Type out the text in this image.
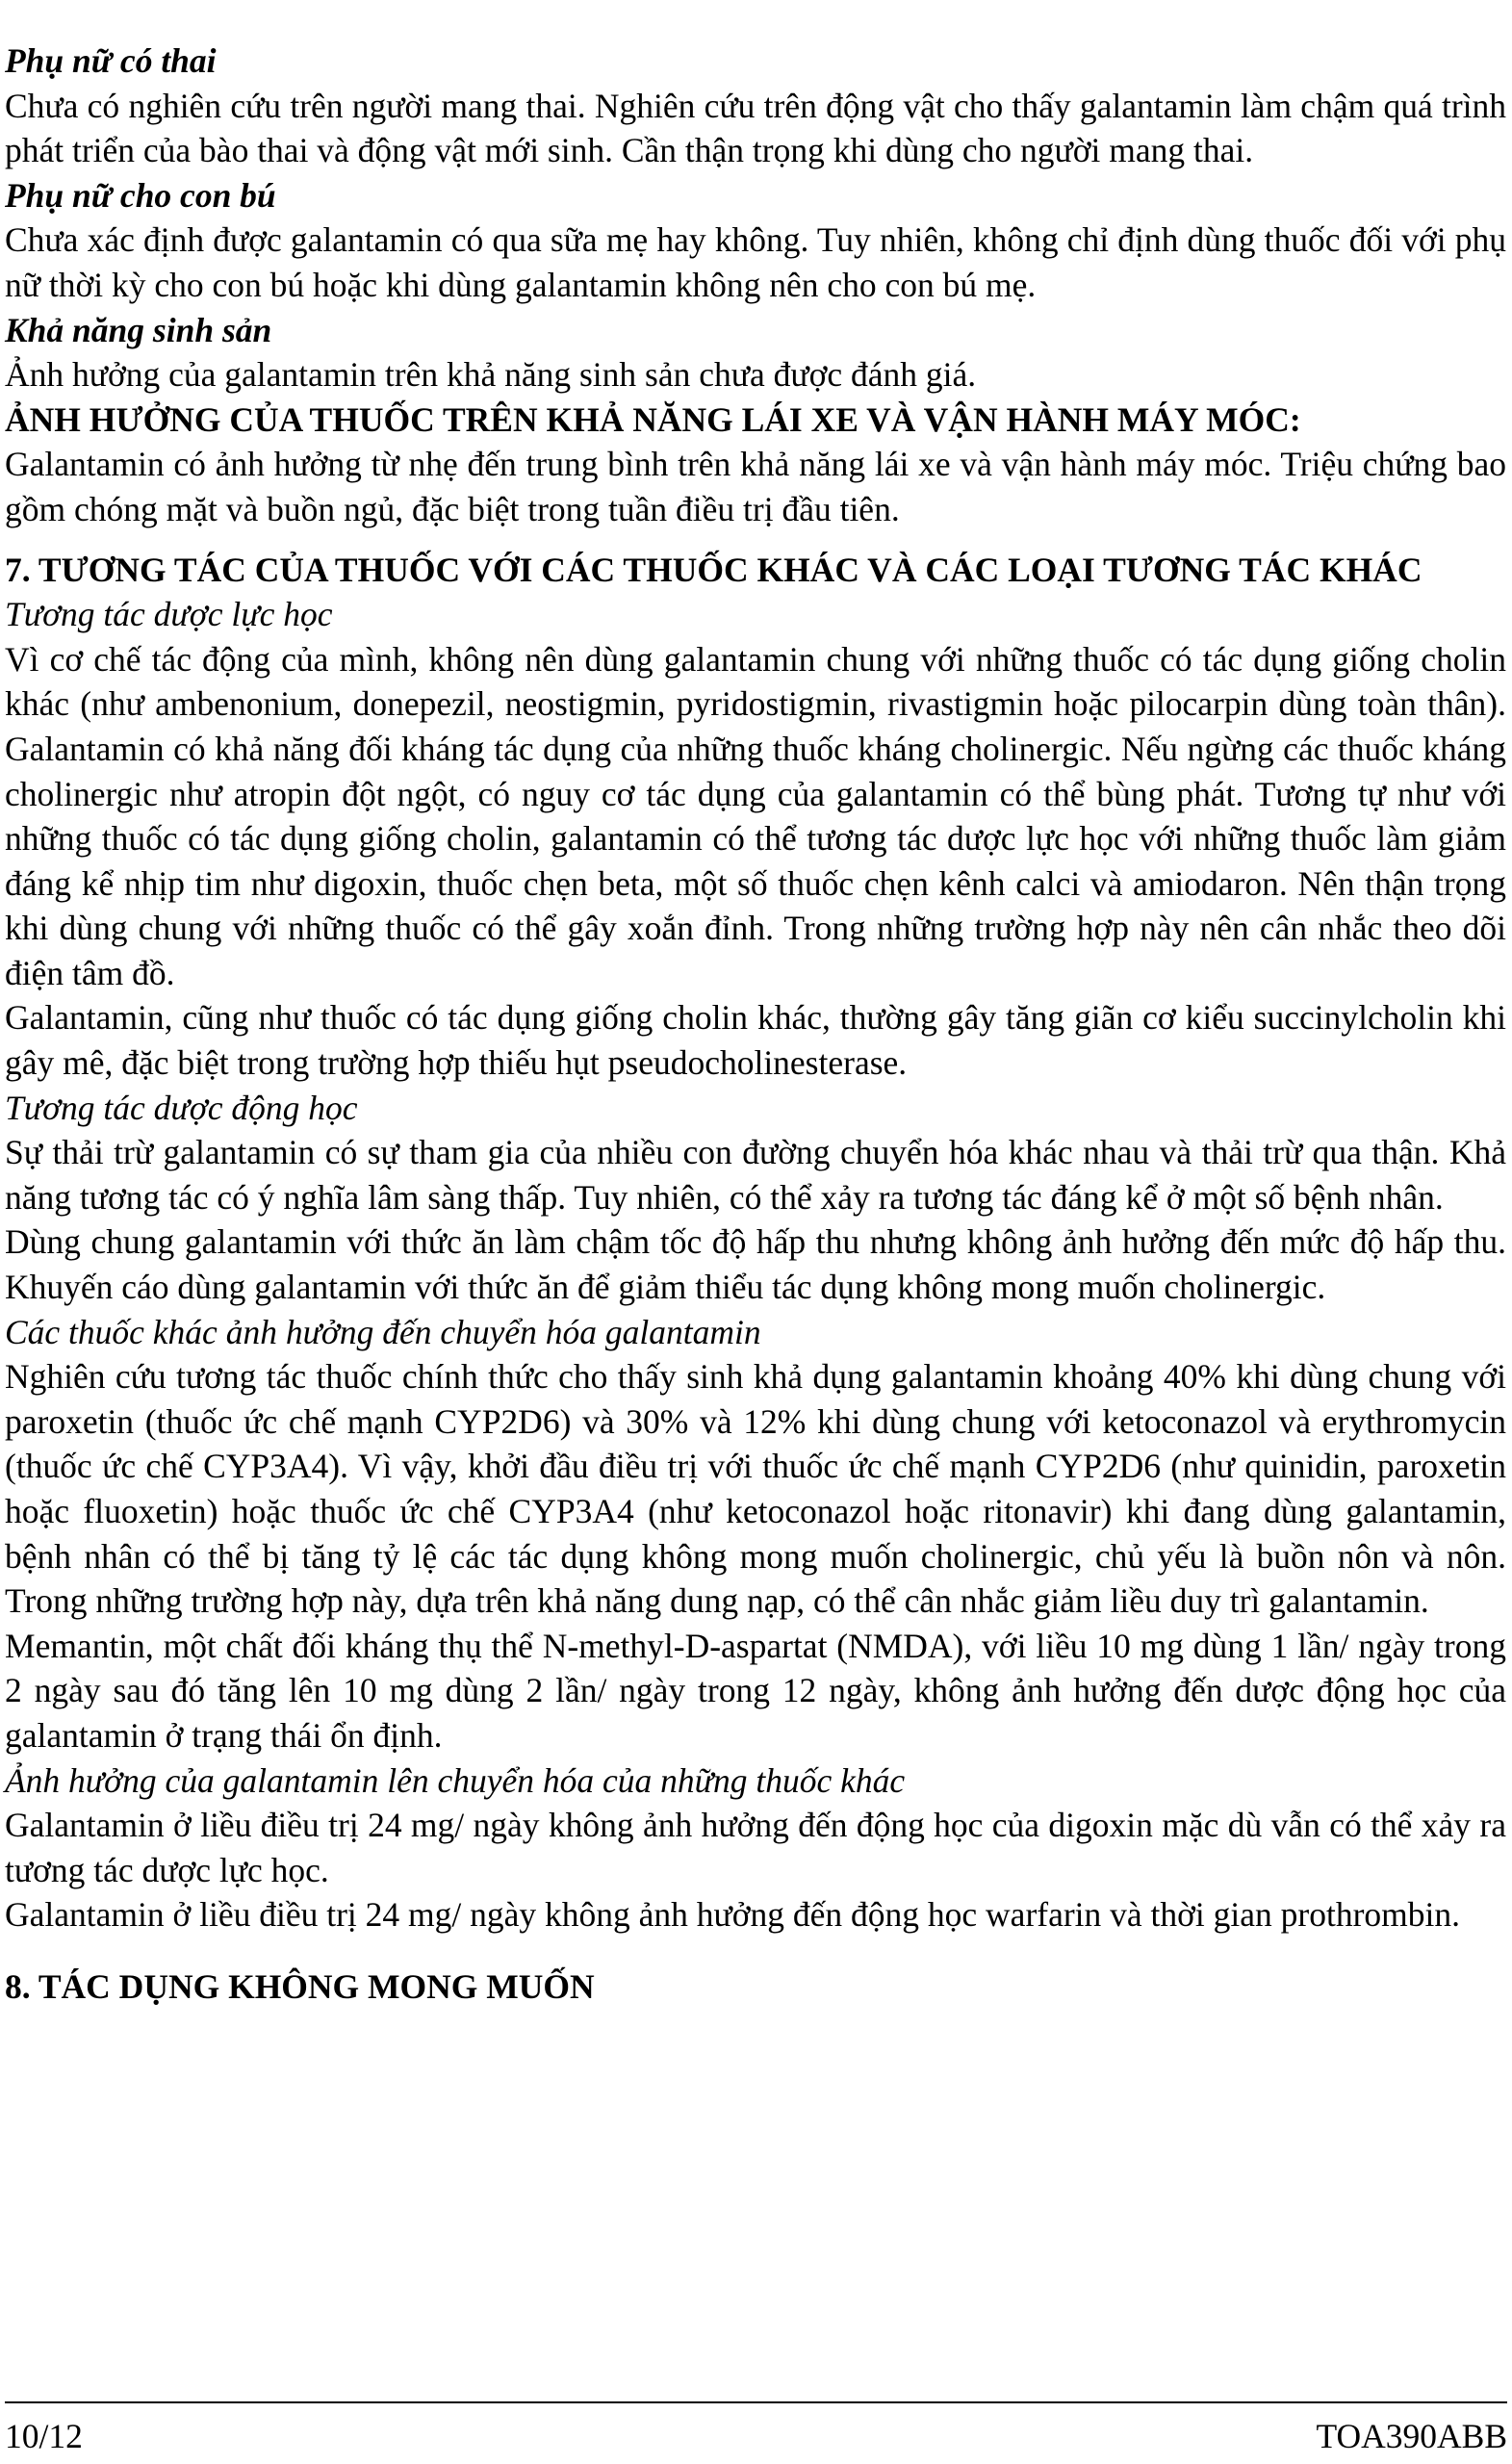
Phụ nữ có thai

Chưa có nghiên cứu trên người mang thai. Nghiên cứu trên động vật cho thấy galantamin làm chậm quá trình phát triển của bào thai và động vật mới sinh. Cần thận trọng khi dùng cho người mang thai.

Phụ nữ cho con bú

Chưa xác định được galantamin có qua sữa mẹ hay không. Tuy nhiên, không chỉ định dùng thuốc đối với phụ nữ thời kỳ cho con bú hoặc khi dùng galantamin không nên cho con bú mẹ.

Khả năng sinh sản

Ảnh hưởng của galantamin trên khả năng sinh sản chưa được đánh giá.

ẢNH HƯỞNG CỦA THUỐC TRÊN KHẢ NĂNG LÁI XE VÀ VẬN HÀNH MÁY MÓC:

Galantamin có ảnh hưởng từ nhẹ đến trung bình trên khả năng lái xe và vận hành máy móc. Triệu chứng bao gồm chóng mặt và buồn ngủ, đặc biệt trong tuần điều trị đầu tiên.

7. TƯƠNG TÁC CỦA THUỐC VỚI CÁC THUỐC KHÁC VÀ CÁC LOẠI TƯƠNG TÁC KHÁC

Tương tác dược lực học

Vì cơ chế tác động của mình, không nên dùng galantamin chung với những thuốc có tác dụng giống cholin khác (như ambenonium, donepezil, neostigmin, pyridostigmin, rivastigmin hoặc pilocarpin dùng toàn thân). Galantamin có khả năng đối kháng tác dụng của những thuốc kháng cholinergic. Nếu ngừng các thuốc kháng cholinergic như atropin đột ngột, có nguy cơ tác dụng của galantamin có thể bùng phát. Tương tự như với những thuốc có tác dụng giống cholin, galantamin có thể tương tác dược lực học với những thuốc làm giảm đáng kể nhịp tim như digoxin, thuốc chẹn beta, một số thuốc chẹn kênh calci và amiodaron. Nên thận trọng khi dùng chung với những thuốc có thể gây xoắn đỉnh. Trong những trường hợp này nên cân nhắc theo dõi điện tâm đồ.

Galantamin, cũng như thuốc có tác dụng giống cholin khác, thường gây tăng giãn cơ kiểu succinylcholin khi gây mê, đặc biệt trong trường hợp thiếu hụt pseudocholinesterase.

Tương tác dược động học

Sự thải trừ galantamin có sự tham gia của nhiều con đường chuyển hóa khác nhau và thải trừ qua thận. Khả năng tương tác có ý nghĩa lâm sàng thấp. Tuy nhiên, có thể xảy ra tương tác đáng kể ở một số bệnh nhân.

Dùng chung galantamin với thức ăn làm chậm tốc độ hấp thu nhưng không ảnh hưởng đến mức độ hấp thu. Khuyến cáo dùng galantamin với thức ăn để giảm thiểu tác dụng không mong muốn cholinergic.

Các thuốc khác ảnh hưởng đến chuyển hóa galantamin

Nghiên cứu tương tác thuốc chính thức cho thấy sinh khả dụng galantamin khoảng 40% khi dùng chung với paroxetin (thuốc ức chế mạnh CYP2D6) và 30% và 12% khi dùng chung với ketoconazol và erythromycin (thuốc ức chế CYP3A4). Vì vậy, khởi đầu điều trị với thuốc ức chế mạnh CYP2D6 (như quinidin, paroxetin hoặc fluoxetin) hoặc thuốc ức chế CYP3A4 (như ketoconazol hoặc ritonavir) khi đang dùng galantamin, bệnh nhân có thể bị tăng tỷ lệ các tác dụng không mong muốn cholinergic, chủ yếu là buồn nôn và nôn. Trong những trường hợp này, dựa trên khả năng dung nạp, có thể cân nhắc giảm liều duy trì galantamin.

Memantin, một chất đối kháng thụ thể N-methyl-D-aspartat (NMDA), với liều 10 mg dùng 1 lần/ ngày trong 2 ngày sau đó tăng lên 10 mg dùng 2 lần/ ngày trong 12 ngày, không ảnh hưởng đến dược động học của galantamin ở trạng thái ổn định.

Ảnh hưởng của galantamin lên chuyển hóa của những thuốc khác

Galantamin ở liều điều trị 24 mg/ ngày không ảnh hưởng đến động học của digoxin mặc dù vẫn có thể xảy ra tương tác dược lực học.

Galantamin ở liều điều trị 24 mg/ ngày không ảnh hưởng đến động học warfarin và thời gian prothrombin.

8. TÁC DỤNG KHÔNG MONG MUỐN

10/12	TOA390ABB
